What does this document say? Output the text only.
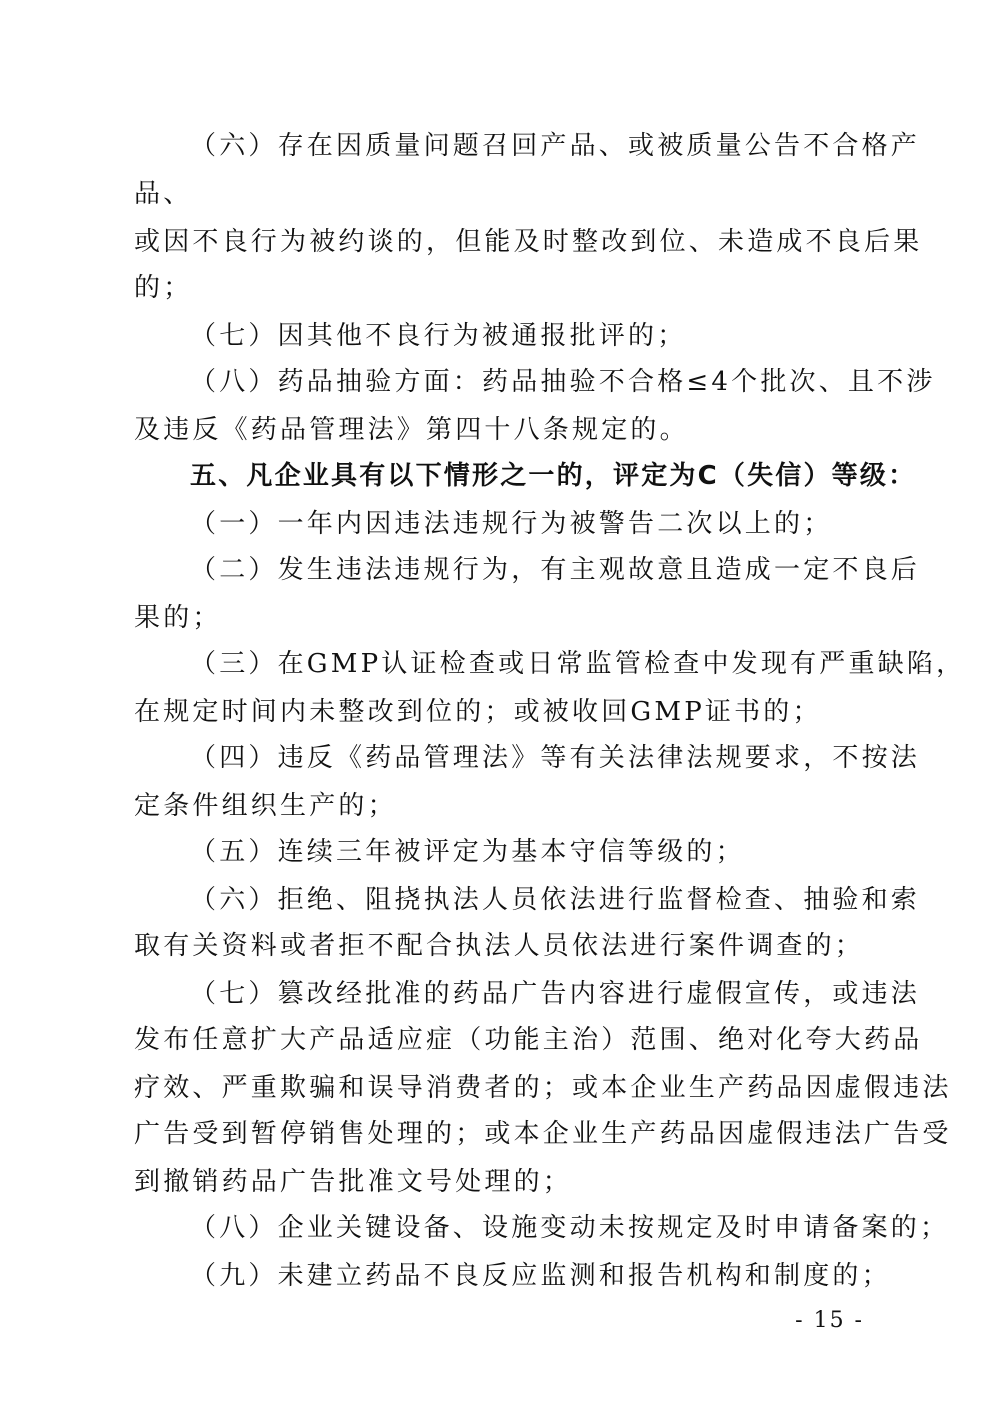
（六）存在因质量问题召回产品、或被质量公告不合格产
品、
或因不良行为被约谈的，但能及时整改到位、未造成不良后果
的；
（七）因其他不良行为被通报批评的；
（八）药品抽验方面：药品抽验不合格≤4个批次、且不涉
及违反《药品管理法》第四十八条规定的。
五、凡企业具有以下情形之一的，评定为C（失信）等级：
（一）一年内因违法违规行为被警告二次以上的；
（二）发生违法违规行为，有主观故意且造成一定不良后
果的；
（三）在GMP认证检查或日常监管检查中发现有严重缺陷，
在规定时间内未整改到位的；或被收回GMP证书的；
（四）违反《药品管理法》等有关法律法规要求，不按法
定条件组织生产的；
（五）连续三年被评定为基本守信等级的；
（六）拒绝、阻挠执法人员依法进行监督检查、抽验和索
取有关资料或者拒不配合执法人员依法进行案件调查的；
（七）篡改经批准的药品广告内容进行虚假宣传，或违法
发布任意扩大产品适应症（功能主治）范围、绝对化夸大药品
疗效、严重欺骗和误导消费者的；或本企业生产药品因虚假违法
广告受到暂停销售处理的；或本企业生产药品因虚假违法广告受
到撤销药品广告批准文号处理的；
（八）企业关键设备、设施变动未按规定及时申请备案的；
（九）未建立药品不良反应监测和报告机构和制度的；
- 15 -
